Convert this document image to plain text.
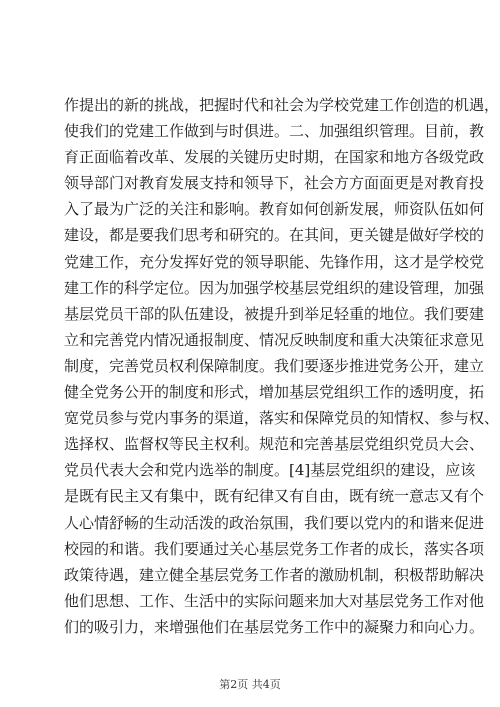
作提出的新的挑战，把握时代和社会为学校党建工作创造的机遇，
使我们的党建工作做到与时俱进。二、加强组织管理。目前，教
育正面临着改革、发展的关键历史时期，在国家和地方各级党政
领导部门对教育发展支持和领导下，社会方方面面更是对教育投
入了最为广泛的关注和影响。教育如何创新发展，师资队伍如何
建设，都是要我们思考和研究的。在其间，更关键是做好学校的
党建工作，充分发挥好党的领导职能、先锋作用，这才是学校党
建工作的科学定位。因为加强学校基层党组织的建设管理，加强
基层党员干部的队伍建设，被提升到举足轻重的地位。我们要建
立和完善党内情况通报制度、情况反映制度和重大决策征求意见
制度，完善党员权利保障制度。我们要逐步推进党务公开，建立
健全党务公开的制度和形式，增加基层党组织工作的透明度，拓
宽党员参与党内事务的渠道，落实和保障党员的知情权、参与权、
选择权、监督权等民主权利。规范和完善基层党组织党员大会、
党员代表大会和党内选举的制度。[4]基层党组织的建设，应该
是既有民主又有集中，既有纪律又有自由，既有统一意志又有个
人心情舒畅的生动活泼的政治氛围，我们要以党内的和谐来促进
校园的和谐。我们要通过关心基层党务工作者的成长，落实各项
政策待遇，建立健全基层党务工作者的激励机制，积极帮助解决
他们思想、工作、生活中的实际问题来加大对基层党务工作对他
们的吸引力，来增强他们在基层党务工作中的凝聚力和向心力。
第2页 共4页
